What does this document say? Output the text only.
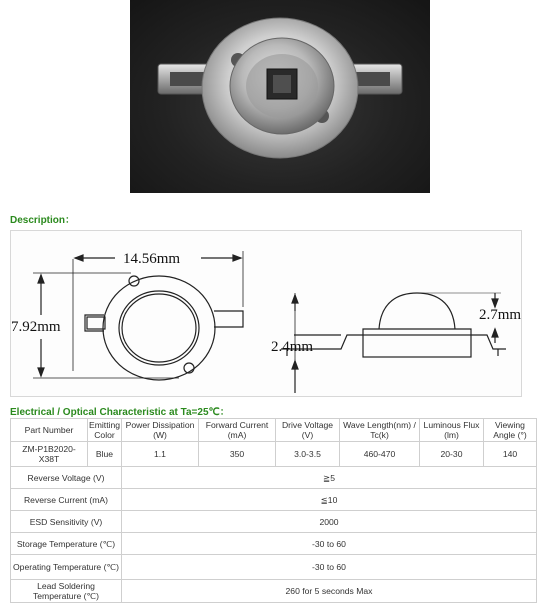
Description：
14.56mm
7.92mm
2.7mm
2.4mm
Electrical / Optical Characteristic at Ta=25℃：
Part Number	Emitting Color	Power Dissipation (W)	Forward Current (mA)	Drive Voltage (V)	Wave Length(nm) / Tc(k)	Luminous Flux (lm)	Viewing Angle (°)
ZM-P1B2020-X38T	Blue	1.1	350	3.0-3.5	460-470	20-30	140
Reverse Voltage (V)		≧5					
Reverse Current (mA)		≦10					
ESD Sensitivity (V)		2000					
Storage Temperature (℃)		-30 to 60					
Operating Temperature (℃)		-30 to 60					
Lead Soldering Temperature (℃)		260 for 5 seconds Max					
